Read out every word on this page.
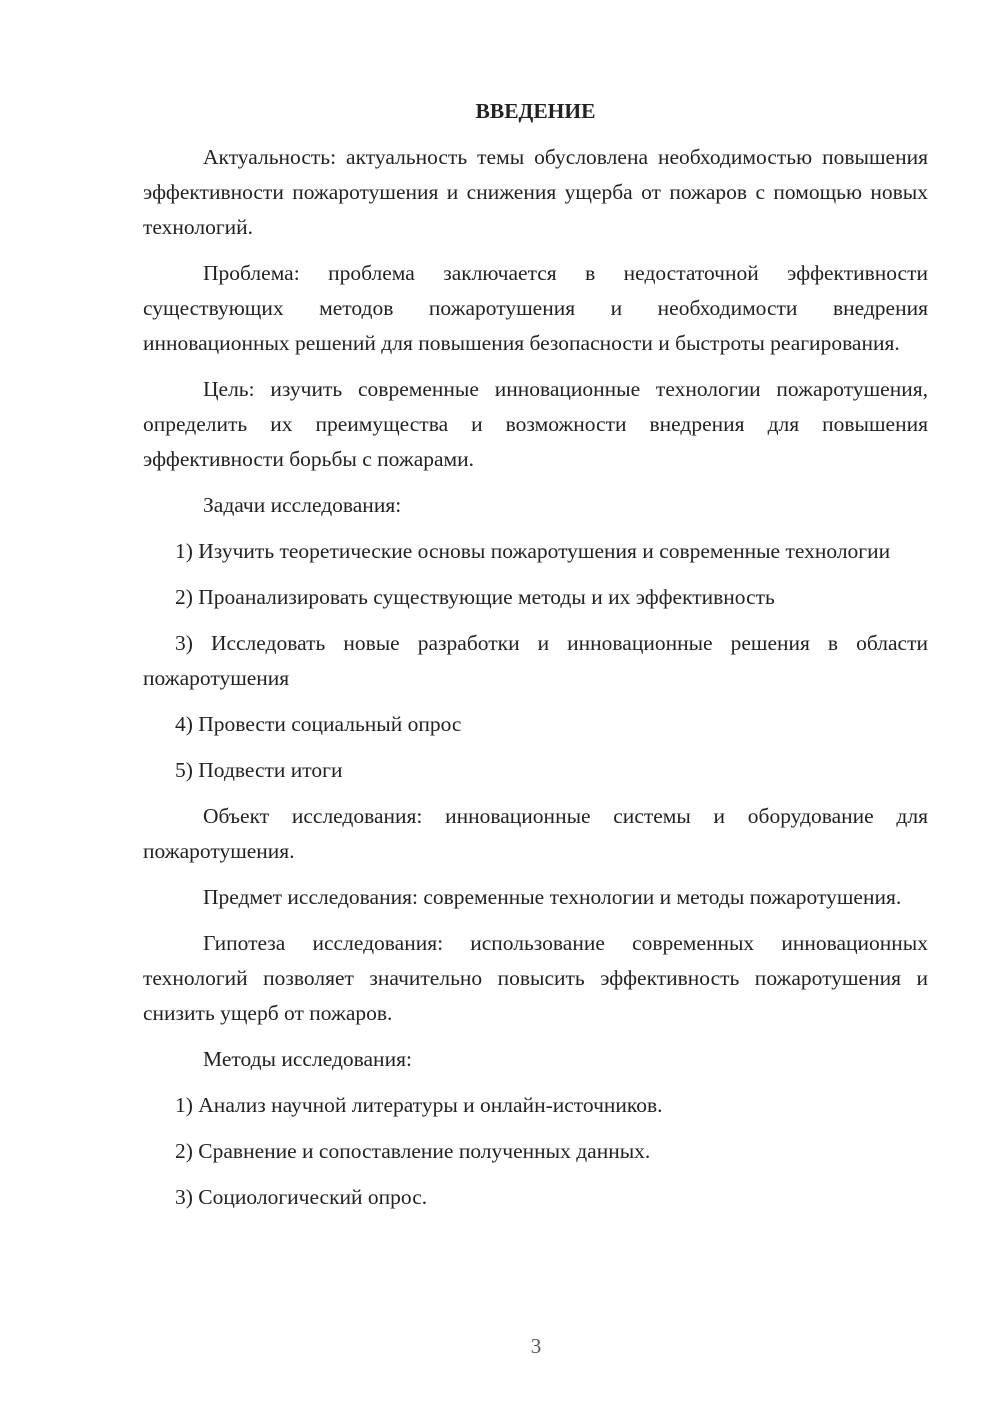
ВВЕДЕНИЕ

Актуальность: актуальность темы обусловлена необходимостью повышения эффективности пожаротушения и снижения ущерба от пожаров с помощью новых технологий.

Проблема: проблема заключается в недостаточной эффективности существующих методов пожаротушения и необходимости внедрения инновационных решений для повышения безопасности и быстроты реагирования.

Цель: изучить современные инновационные технологии пожаротушения, определить их преимущества и возможности внедрения для повышения эффективности борьбы с пожарами.

Задачи исследования:

1) Изучить теоретические основы пожаротушения и современные технологии

2) Проанализировать существующие методы и их эффективность

3) Исследовать новые разработки и инновационные решения в области пожаротушения

4) Провести социальный опрос

5) Подвести итоги

Объект исследования: инновационные системы и оборудование для пожаротушения.

Предмет исследования: современные технологии и методы пожаротушения.

Гипотеза исследования: использование современных инновационных технологий позволяет значительно повысить эффективность пожаротушения и снизить ущерб от пожаров.

Методы исследования:

1) Анализ научной литературы и онлайн-источников.

2) Сравнение и сопоставление полученных данных.

3) Социологический опрос.

3
